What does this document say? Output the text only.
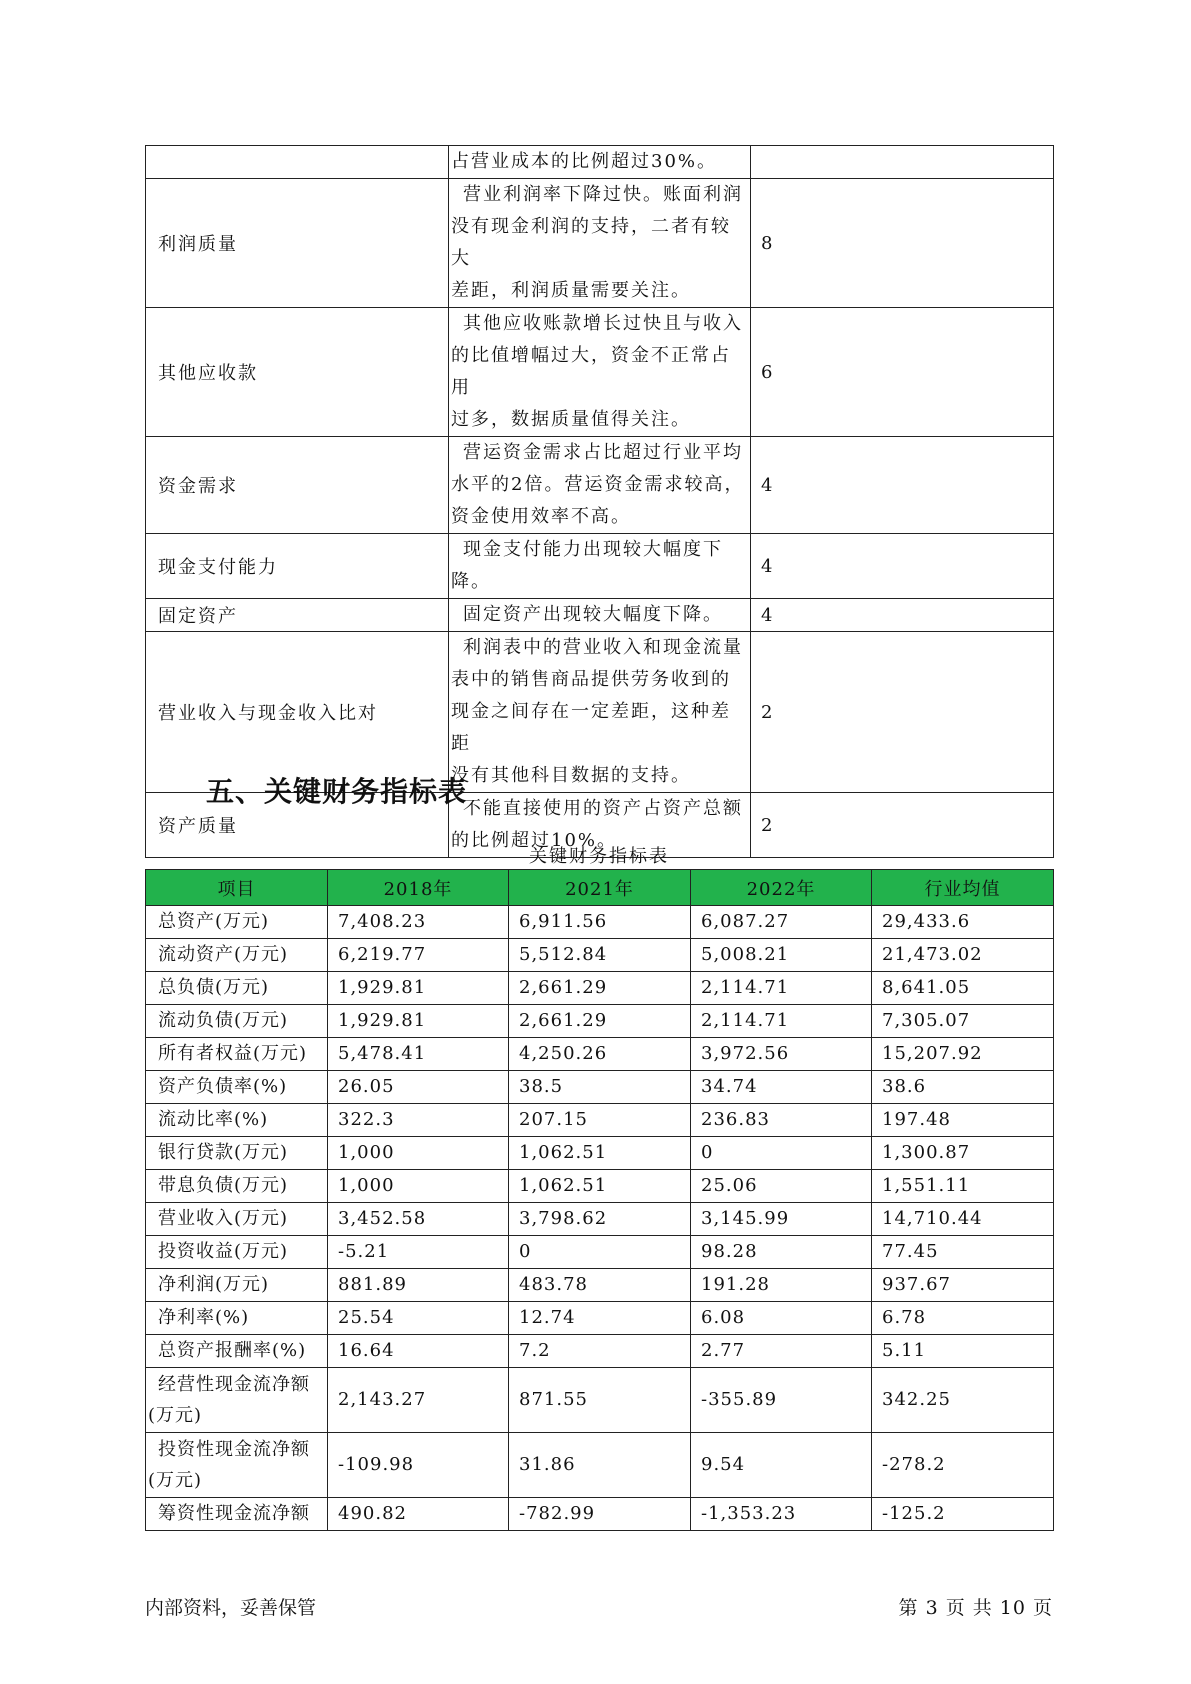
	占营业成本的比例超过30%。	

利润质量	营业利润率下降过快。账面利润
没有现金利润的支持，二者有较大
差距，利润质量需要关注。	8
其他应收款	其他应收账款增长过快且与收入
的比值增幅过大，资金不正常占用
过多，数据质量值得关注。	6
资金需求	营运资金需求占比超过行业平均
水平的2倍。营运资金需求较高，
资金使用效率不高。	4
现金支付能力	现金支付能力出现较大幅度下降。	4
固定资产	固定资产出现较大幅度下降。	4
营业收入与现金收入比对	利润表中的营业收入和现金流量
表中的销售商品提供劳务收到的
现金之间存在一定差距，这种差距
没有其他科目数据的支持。	2
资产质量	不能直接使用的资产占资产总额
的比例超过10%。	2
五、关键财务指标表
关键财务指标表
项目	2018年	2021年	2022年	行业均值
总资产(万元)	7,408.23	6,911.56	6,087.27	29,433.6
流动资产(万元)	6,219.77	5,512.84	5,008.21	21,473.02
总负债(万元)	1,929.81	2,661.29	2,114.71	8,641.05
流动负债(万元)	1,929.81	2,661.29	2,114.71	7,305.07
所有者权益(万元)	5,478.41	4,250.26	3,972.56	15,207.92
资产负债率(%)	26.05	38.5	34.74	38.6
流动比率(%)	322.3	207.15	236.83	197.48
银行贷款(万元)	1,000	1,062.51	0	1,300.87
带息负债(万元)	1,000	1,062.51	25.06	1,551.11
营业收入(万元)	3,452.58	3,798.62	3,145.99	14,710.44
投资收益(万元)	-5.21	0	98.28	77.45
净利润(万元)	881.89	483.78	191.28	937.67
净利率(%)	25.54	12.74	6.08	6.78
总资产报酬率(%)	16.64	7.2	2.77	5.11

经营性现金流净额
(万元)	2,143.27	871.55	-355.89	342.25

投资性现金流净额
(万元)	-109.98	31.86	9.54	-278.2
筹资性现金流净额	490.82	-782.99	-1,353.23	-125.2
内部资料，妥善保管	第 3 页 共 10 页
